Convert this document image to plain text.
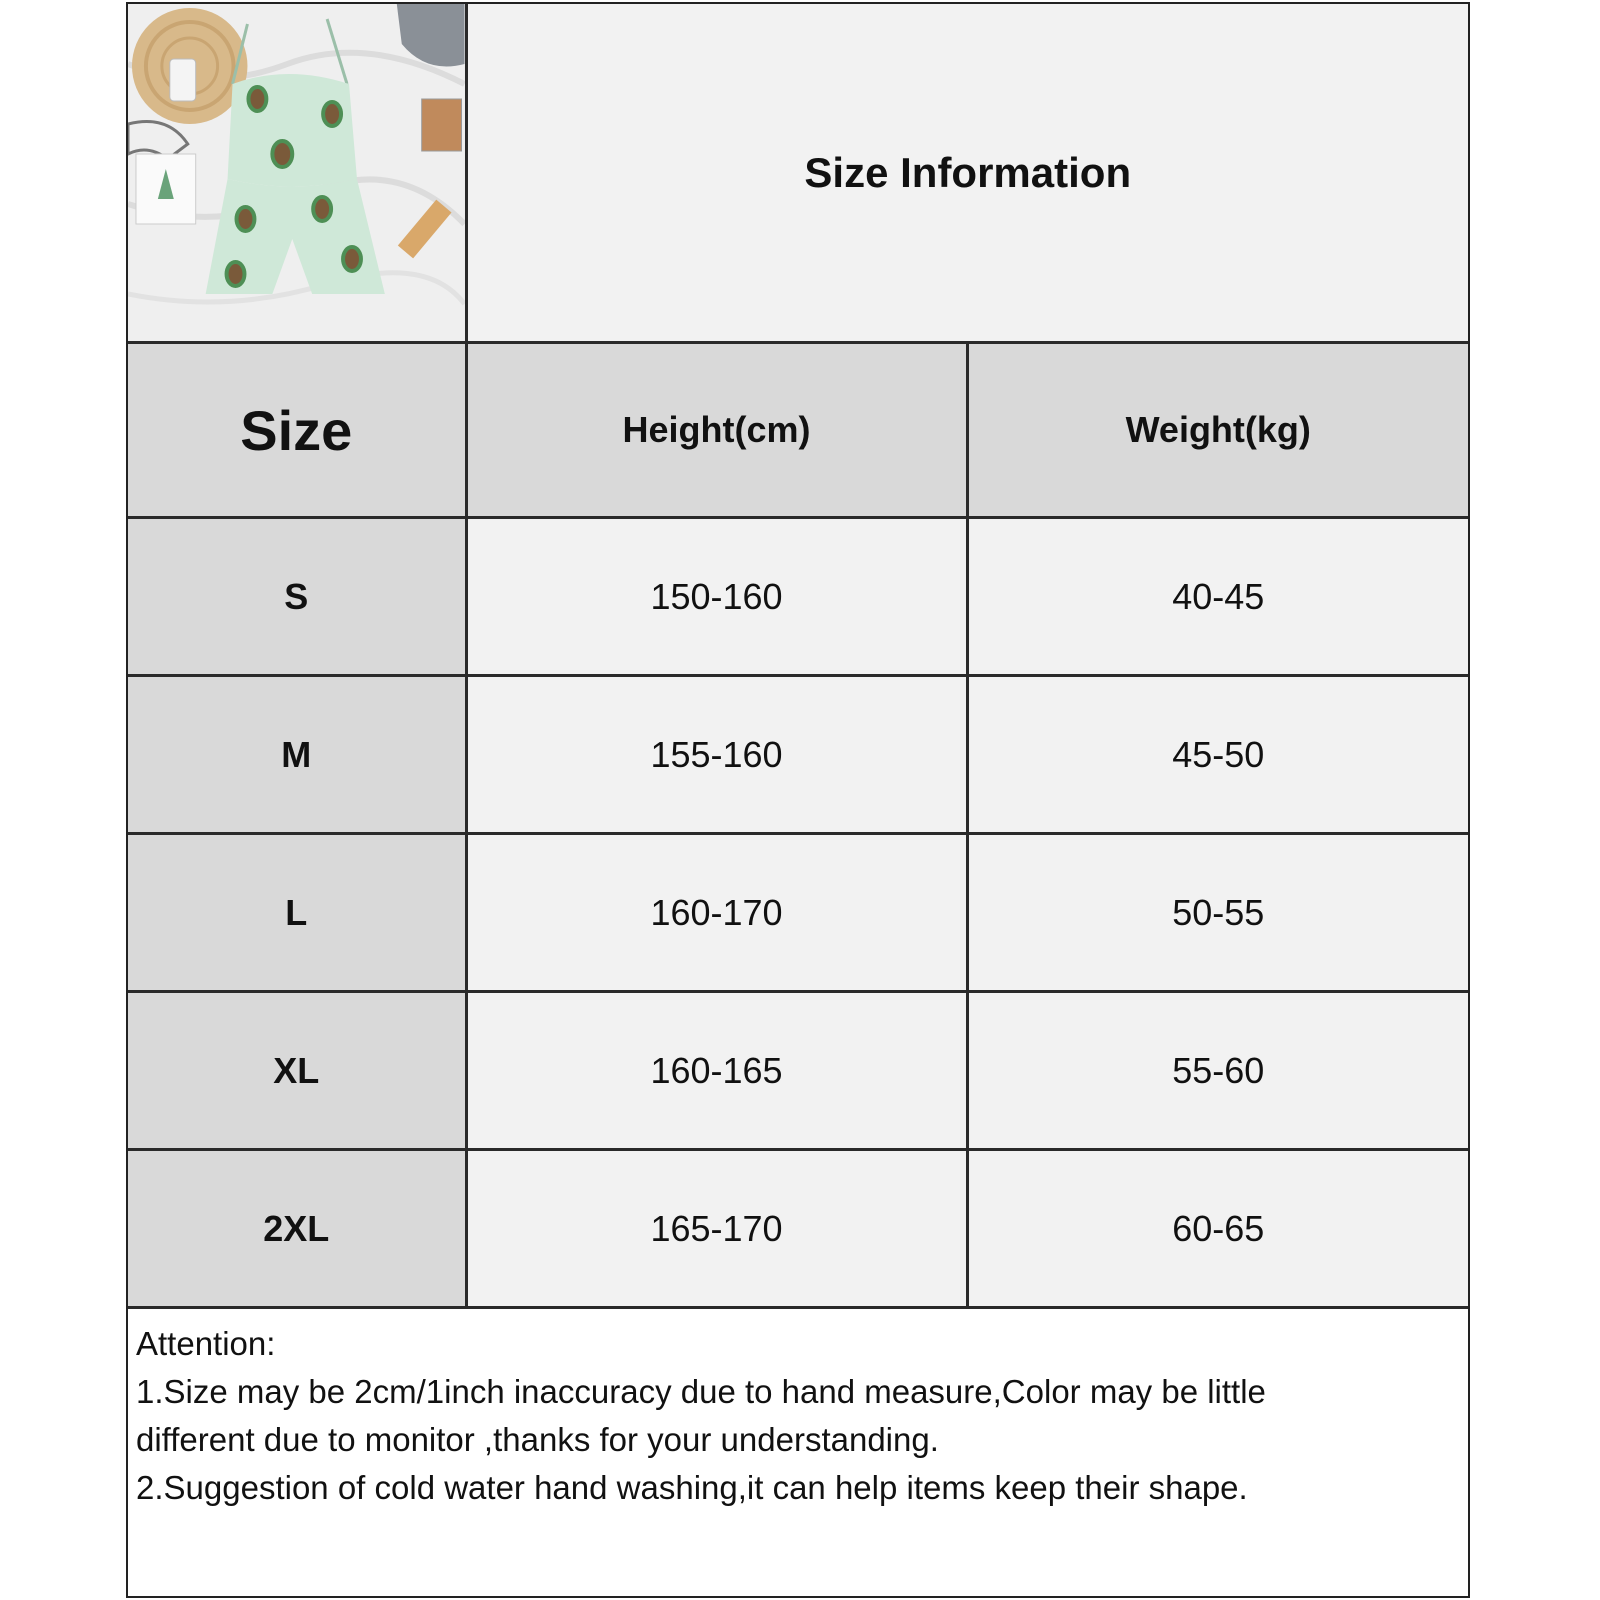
	Size Information	
Size	Height(cm)	Weight(kg)
S	150-160	40-45
M	155-160	45-50
L	160-170	50-55
XL	160-165	55-60
2XL	165-170	60-65
Attention:
1.Size may be 2cm/1inch inaccuracy due to hand measure,Color may be little
different due to monitor ,thanks for your understanding.
2.Suggestion of cold water hand washing,it can help items keep their shape.
